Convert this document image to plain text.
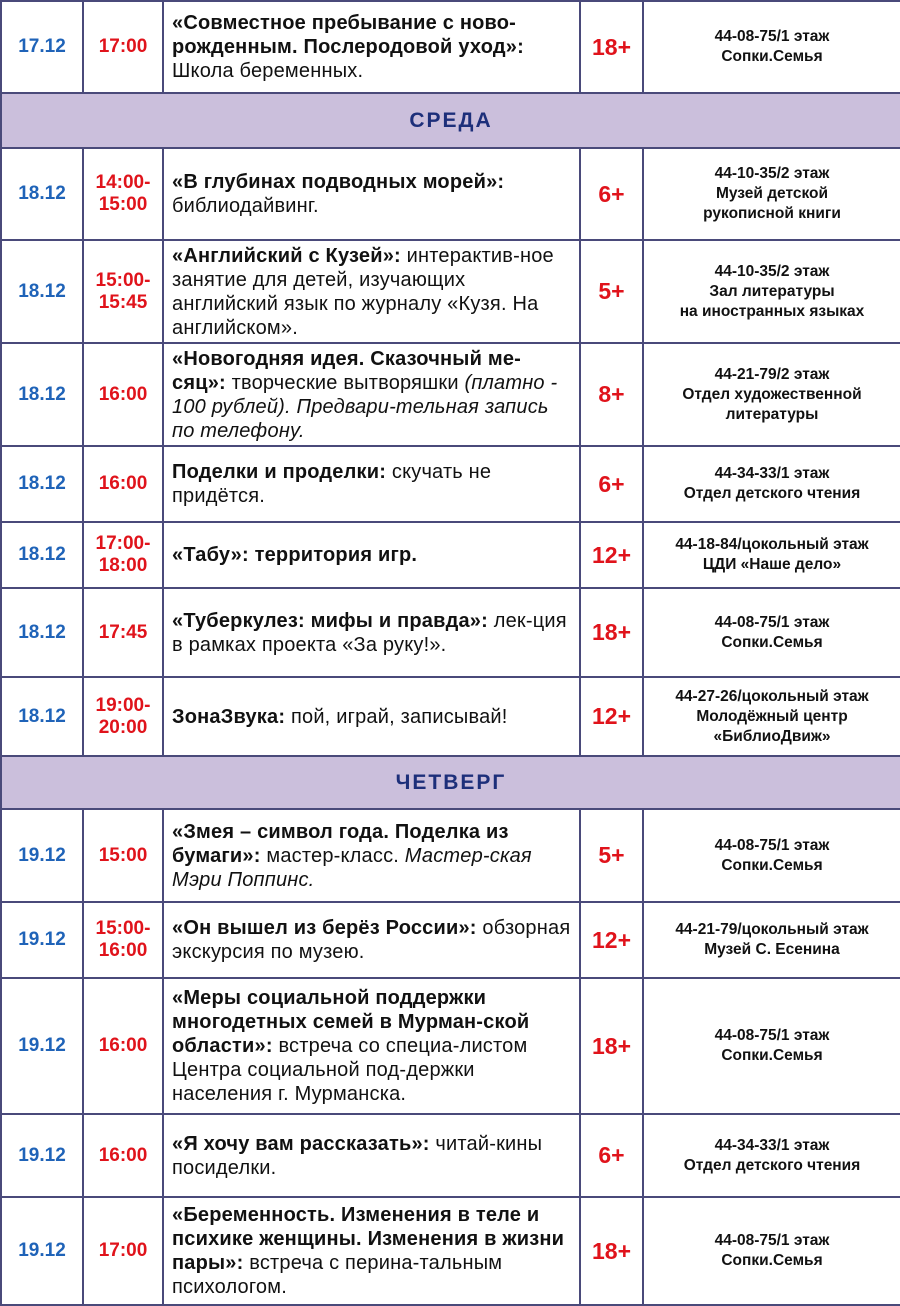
17.12	17:00	«Совместное пребывание с ново-рожденным. Послеродовой уход»: Школа беременных.	18+	44-08-75/1 этаж
Сопки.Семья
СРЕДА				
18.12	14:00-15:00	«В глубинах подводных морей»: библиодайвинг.	6+	44-10-35/2 этаж
Музей детской
рукописной книги
18.12	15:00-15:45	«Английский с Кузей»: интерактив-ное занятие для детей, изучающих английский язык по журналу «Кузя. На английском».	5+	44-10-35/2 этаж
Зал литературы
на иностранных языках
18.12	16:00	«Новогодняя идея. Сказочный ме-сяц»: творческие вытворяшки (платно - 100 рублей). Предвари-тельная запись по телефону.	8+	44-21-79/2 этаж
Отдел художественной
литературы
18.12	16:00	Поделки и проделки: скучать не придётся.	6+	44-34-33/1 этаж
Отдел детского чтения
18.12	17:00-18:00	«Табу»: территория игр.	12+	44-18-84/цокольный этаж
ЦДИ «Наше дело»
18.12	17:45	«Туберкулез: мифы и правда»: лек-ция в рамках проекта «За руку!».	18+	44-08-75/1 этаж
Сопки.Семья
18.12	19:00-20:00	ЗонаЗвука: пой, играй, записывай!	12+	44-27-26/цокольный этаж
Молодёжный центр
«БиблиоДвиж»
ЧЕТВЕРГ				
19.12	15:00	«Змея – символ года. Поделка из бумаги»: мастер-класс. Мастер-ская Мэри Поппинс.	5+	44-08-75/1 этаж
Сопки.Семья
19.12	15:00-16:00	«Он вышел из берёз России»: обзорная экскурсия по музею.	12+	44-21-79/цокольный этаж
Музей С. Есенина
19.12	16:00	«Меры социальной поддержки многодетных семей в Мурман-ской области»: встреча со специа-листом Центра социальной под-держки населения г. Мурманска.	18+	44-08-75/1 этаж
Сопки.Семья
19.12	16:00	«Я хочу вам рассказать»: читай-кины посиделки.	6+	44-34-33/1 этаж
Отдел детского чтения
19.12	17:00	«Беременность. Изменения в теле и психике женщины. Изменения в жизни пары»: встреча с перина-тальным психологом.	18+	44-08-75/1 этаж
Сопки.Семья
